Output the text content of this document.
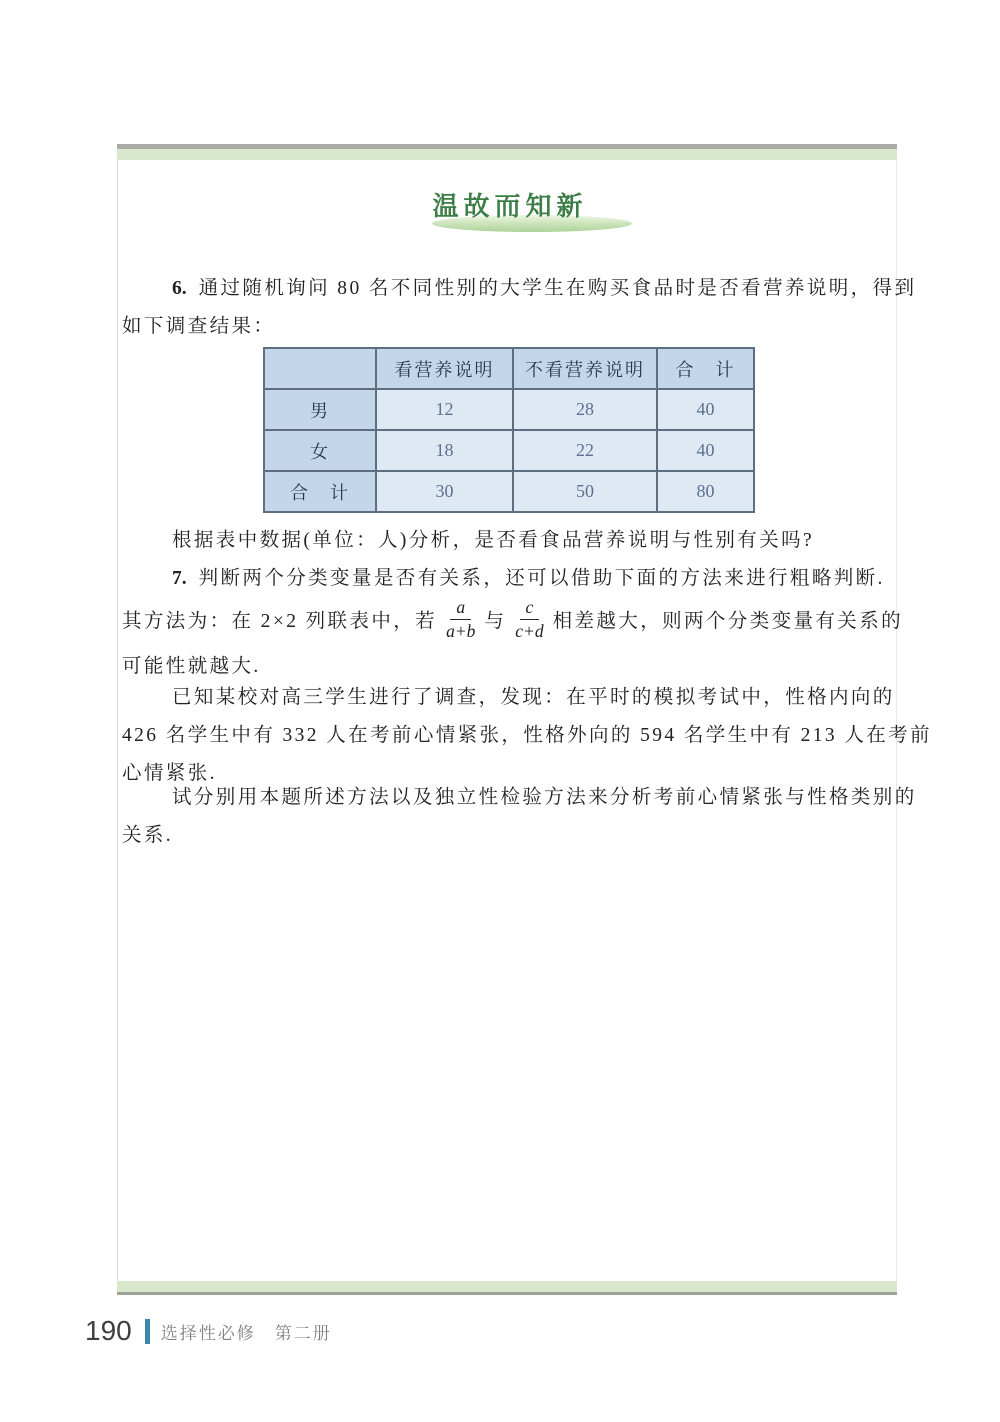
温故而知新
6. 通过随机询问 80 名不同性别的大学生在购买食品时是否看营养说明，得到
如下调查结果：
	看营养说明	不看营养说明	合　计
男	12	28	40
女	18	22	40
合　计	30	50	80
根据表中数据(单位：人)分析，是否看食品营养说明与性别有关吗?
7. 判断两个分类变量是否有关系，还可以借助下面的方法来进行粗略判断.
其方法为：在 2×2 列联表中，若 $\frac{a}{a+b}$ 与 $\frac{c}{c+d}$ 相差越大，则两个分类变量有关系的
可能性就越大.
已知某校对高三学生进行了调查，发现：在平时的模拟考试中，性格内向的
426 名学生中有 332 人在考前心情紧张，性格外向的 594 名学生中有 213 人在考前
心情紧张.
试分别用本题所述方法以及独立性检验方法来分析考前心情紧张与性格类别的
关系.
190 选择性必修　第二册
